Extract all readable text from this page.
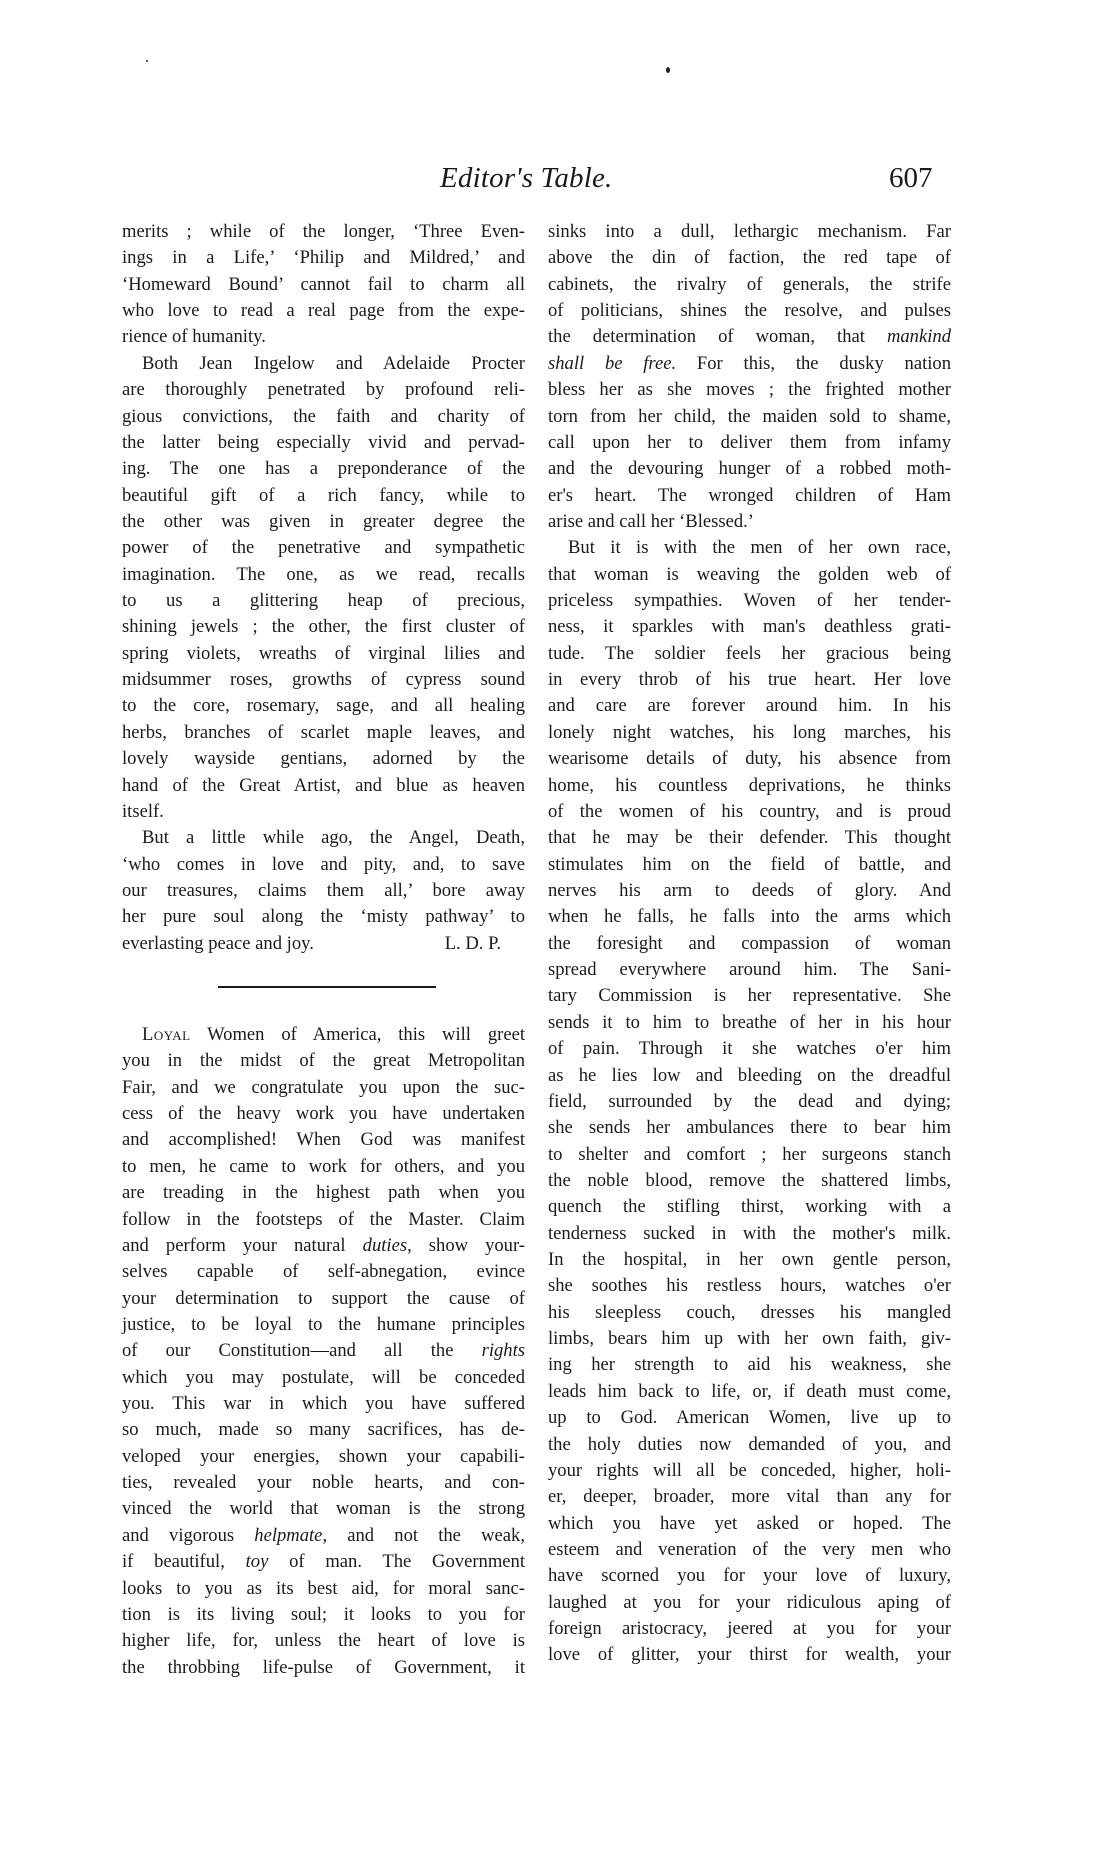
Editor's Table.	607
merits ; while of the longer, ‘Three Even-
ings in a Life,’ ‘Philip and Mildred,’ and
‘Homeward Bound’ cannot fail to charm all
who love to read a real page from the expe-
rience of humanity.
Both Jean Ingelow and Adelaide Procter
are thoroughly penetrated by profound reli-
gious convictions, the faith and charity of
the latter being especially vivid and pervad-
ing. The one has a preponderance of the
beautiful gift of a rich fancy, while to
the other was given in greater degree the
power of the penetrative and sympathetic
imagination. The one, as we read, recalls
to us a glittering heap of precious,
shining jewels ; the other, the first cluster of
spring violets, wreaths of virginal lilies and
midsummer roses, growths of cypress sound
to the core, rosemary, sage, and all healing
herbs, branches of scarlet maple leaves, and
lovely wayside gentians, adorned by the
hand of the Great Artist, and blue as heaven
itself.
But a little while ago, the Angel, Death,
‘who comes in love and pity, and, to save
our treasures, claims them all,’ bore away
her pure soul along the ‘misty pathway’ to
everlasting peace and joy.	L. D. P.
Loyal Women of America, this will greet
you in the midst of the great Metropolitan
Fair, and we congratulate you upon the suc-
cess of the heavy work you have undertaken
and accomplished! When God was manifest
to men, he came to work for others, and you
are treading in the highest path when you
follow in the footsteps of the Master. Claim
and perform your natural duties, show your-
selves capable of self-abnegation, evince
your determination to support the cause of
justice, to be loyal to the humane principles
of our Constitution—and all the rights
which you may postulate, will be conceded
you. This war in which you have suffered
so much, made so many sacrifices, has de-
veloped your energies, shown your capabili-
ties, revealed your noble hearts, and con-
vinced the world that woman is the strong
and vigorous helpmate, and not the weak,
if beautiful, toy of man. The Government
looks to you as its best aid, for moral sanc-
tion is its living soul; it looks to you for
higher life, for, unless the heart of love is
the throbbing life-pulse of Government, it
sinks into a dull, lethargic mechanism. Far
above the din of faction, the red tape of
cabinets, the rivalry of generals, the strife
of politicians, shines the resolve, and pulses
the determination of woman, that mankind
shall be free. For this, the dusky nation
bless her as she moves ; the frighted mother
torn from her child, the maiden sold to shame,
call upon her to deliver them from infamy
and the devouring hunger of a robbed moth-
er's heart. The wronged children of Ham
arise and call her ‘Blessed.’
But it is with the men of her own race,
that woman is weaving the golden web of
priceless sympathies. Woven of her tender-
ness, it sparkles with man's deathless grati-
tude. The soldier feels her gracious being
in every throb of his true heart. Her love
and care are forever around him. In his
lonely night watches, his long marches, his
wearisome details of duty, his absence from
home, his countless deprivations, he thinks
of the women of his country, and is proud
that he may be their defender. This thought
stimulates him on the field of battle, and
nerves his arm to deeds of glory. And
when he falls, he falls into the arms which
the foresight and compassion of woman
spread everywhere around him. The Sani-
tary Commission is her representative. She
sends it to him to breathe of her in his hour
of pain. Through it she watches o'er him
as he lies low and bleeding on the dreadful
field, surrounded by the dead and dying;
she sends her ambulances there to bear him
to shelter and comfort ; her surgeons stanch
the noble blood, remove the shattered limbs,
quench the stifling thirst, working with a
tenderness sucked in with the mother's milk.
In the hospital, in her own gentle person,
she soothes his restless hours, watches o'er
his sleepless couch, dresses his mangled
limbs, bears him up with her own faith, giv-
ing her strength to aid his weakness, she
leads him back to life, or, if death must come,
up to God. American Women, live up to
the holy duties now demanded of you, and
your rights will all be conceded, higher, holi-
er, deeper, broader, more vital than any for
which you have yet asked or hoped. The
esteem and veneration of the very men who
have scorned you for your love of luxury,
laughed at you for your ridiculous aping of
foreign aristocracy, jeered at you for your
love of glitter, your thirst for wealth, your
